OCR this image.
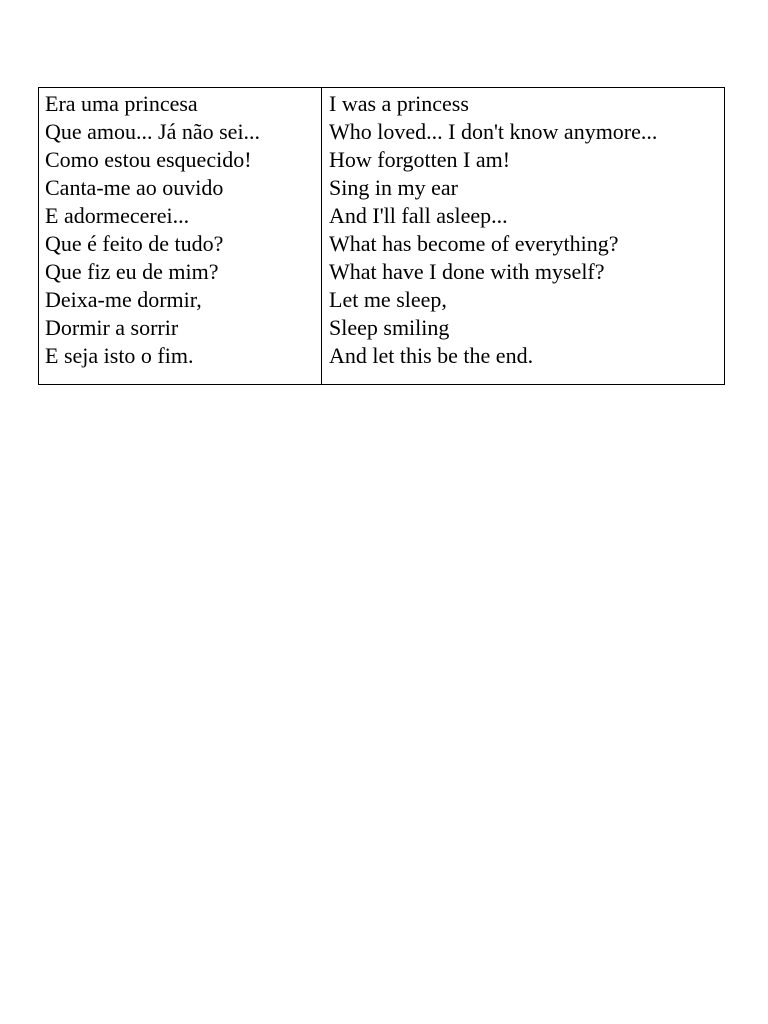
Era uma princesa
Que amou... Já não sei...
Como estou esquecido!
Canta-me ao ouvido
E adormecerei...
Que é feito de tudo?
Que fiz eu de mim?
Deixa-me dormir,
Dormir a sorrir
E seja isto o fim.
I was a princess
Who loved... I don't know anymore...
How forgotten I am!
Sing in my ear
And I'll fall asleep...
What has become of everything?
What have I done with myself?
Let me sleep,
Sleep smiling
And let this be the end.
